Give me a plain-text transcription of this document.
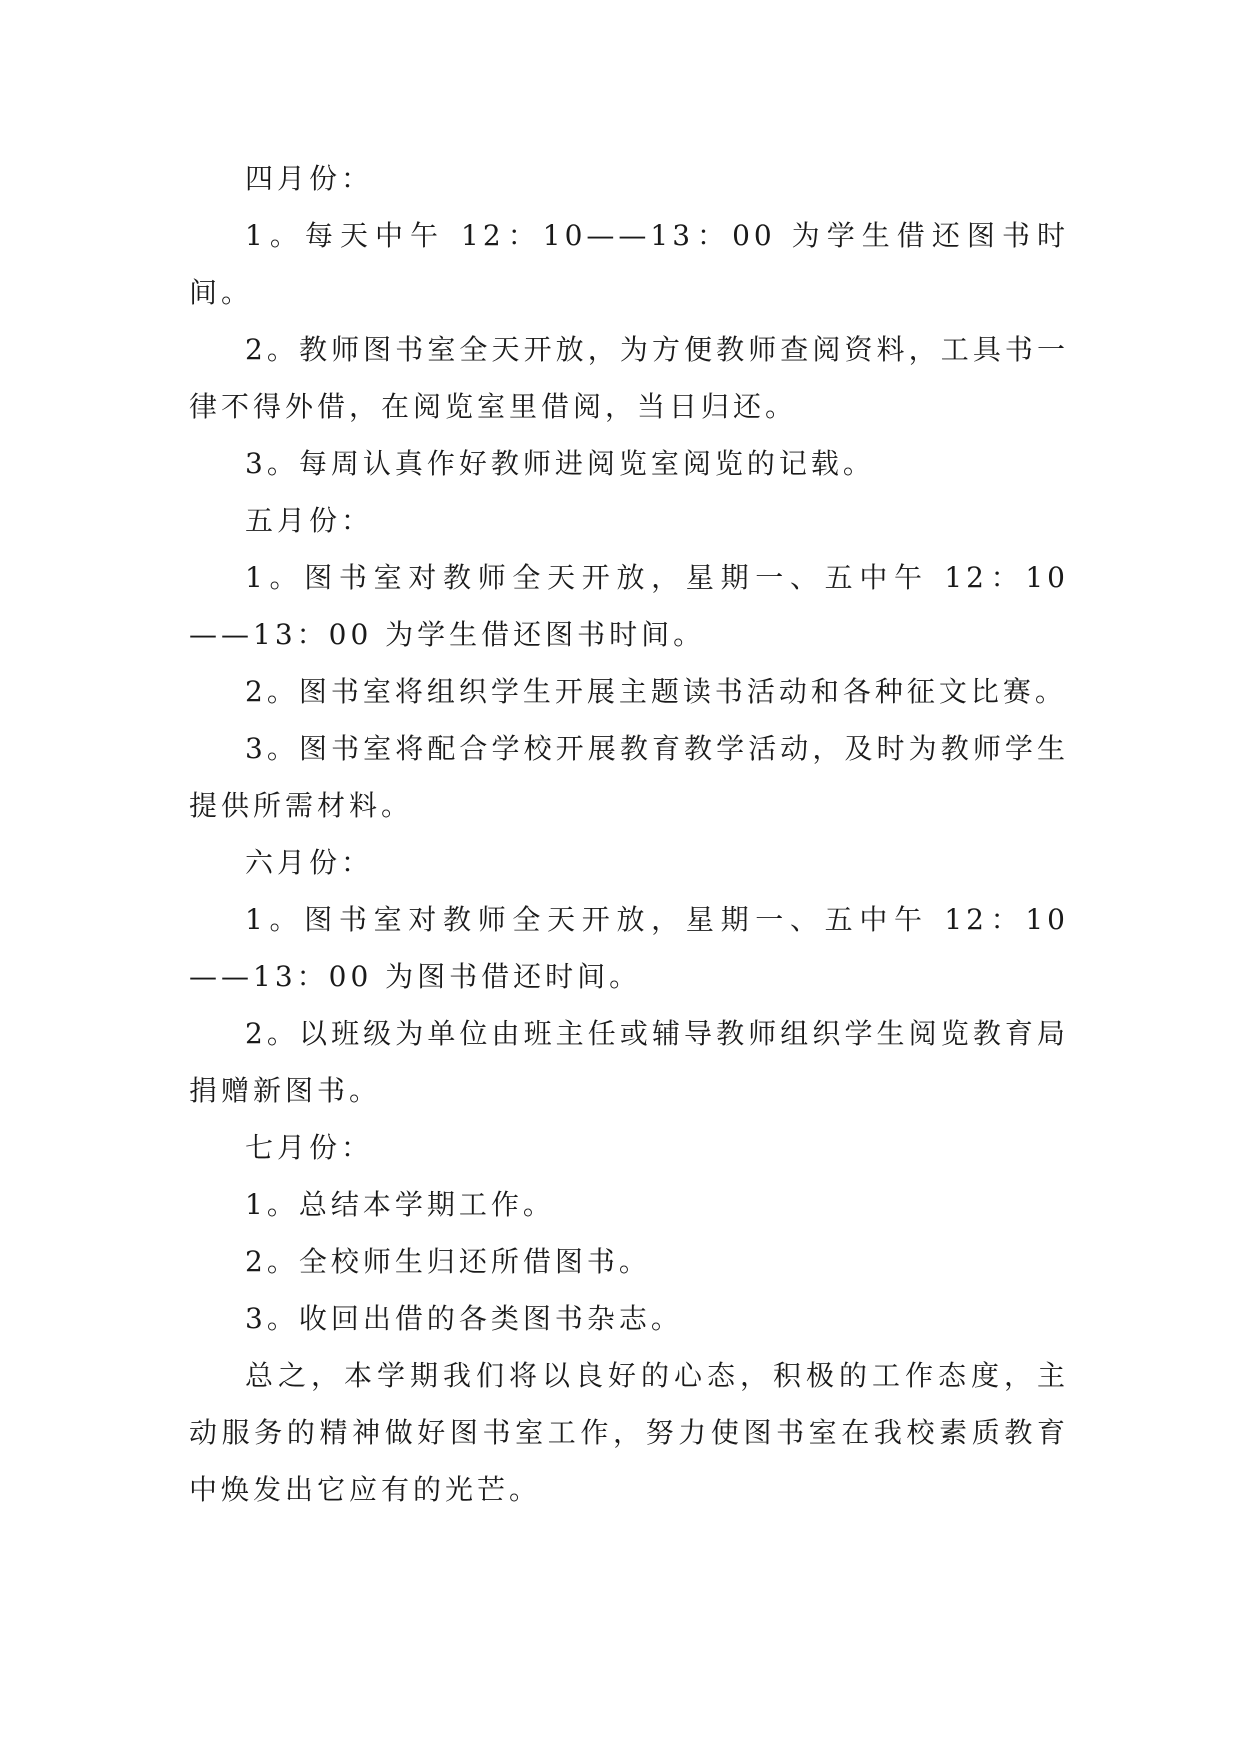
四月份：

1。每天中午 12：10——13：00 为学生借还图书时间。

2。教师图书室全天开放，为方便教师查阅资料，工具书一律不得外借，在阅览室里借阅，当日归还。

3。每周认真作好教师进阅览室阅览的记载。

五月份：

1。图书室对教师全天开放，星期一、五中午 12：10——13：00 为学生借还图书时间。

2。图书室将组织学生开展主题读书活动和各种征文比赛。

3。图书室将配合学校开展教育教学活动，及时为教师学生提供所需材料。

六月份：

1。图书室对教师全天开放，星期一、五中午 12：10——13：00 为图书借还时间。

2。以班级为单位由班主任或辅导教师组织学生阅览教育局捐赠新图书。

七月份：

1。总结本学期工作。

2。全校师生归还所借图书。

3。收回出借的各类图书杂志。

总之，本学期我们将以良好的心态，积极的工作态度，主动服务的精神做好图书室工作，努力使图书室在我校素质教育中焕发出它应有的光芒。
